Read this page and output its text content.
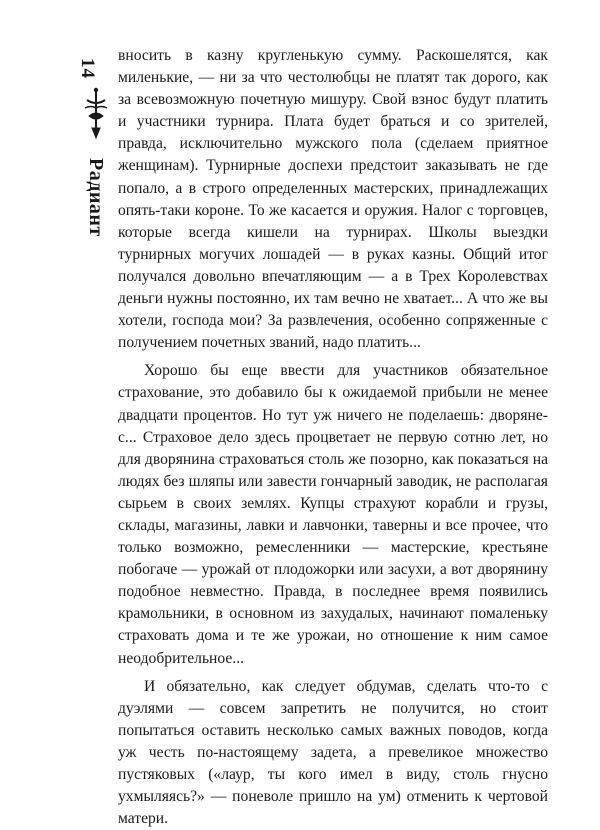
14
Радиант

вносить в казну кругленькую сумму. Раскошелятся, как миленькие, — ни за что честолюбцы не платят так дорого, как за всевозможную почетную мишуру. Свой взнос будут платить и участники турнира. Плата будет браться и со зрителей, правда, исключительно мужского пола (сделаем приятное женщинам). Турнирные доспехи предстоит заказывать не где попало, а в строго определенных мастерских, принадлежащих опять-таки короне. То же касается и оружия. Налог с торговцев, которые всегда кишели на турнирах. Школы выездки турнирных могучих лошадей — в руках казны. Общий итог получался довольно впечатляющим — а в Трех Королевствах деньги нужны постоянно, их там вечно не хватает... А что же вы хотели, господа мои? За развлечения, особенно сопряженные с получением почетных званий, надо платить...

Хорошо бы еще ввести для участников обязательное страхование, это добавило бы к ожидаемой прибыли не менее двадцати процентов. Но тут уж ничего не поделаешь: дворяне-с... Страховое дело здесь процветает не первую сотню лет, но для дворянина страховаться столь же позорно, как показаться на людях без шляпы или завести гончарный заводик, не располагая сырьем в своих землях. Купцы страхуют корабли и грузы, склады, магазины, лавки и лавчонки, таверны и все прочее, что только возможно, ремесленники — мастерские, крестьяне побогаче — урожай от плодожорки или засухи, а вот дворянину подобное невместно. Правда, в последнее время появились крамольники, в основном из захудалых, начинают помаленьку страховать дома и те же урожаи, но отношение к ним самое неодобрительное...

И обязательно, как следует обдумав, сделать что-то с дуэлями — совсем запретить не получится, но стоит попытаться оставить несколько самых важных поводов, когда уж честь по-настоящему задета, а превеликое множество пустяковых («лаур, ты кого имел в виду, столь гнусно ухмыляясь?» — поневоле пришло на ум) отменить к чертовой матери.
